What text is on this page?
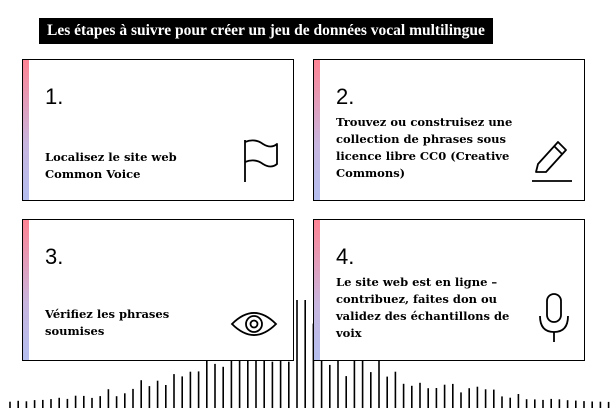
Les étapes à suivre pour créer un jeu de données vocal multilingue
1.
Localisez le site web Common Voice
2.
Trouvez ou construisez une collection de phrases sous licence libre CC0 (Creative Commons)
3.
Vérifiez les phrases soumises
4.
Le site web est en ligne – contribuez, faites don ou validez des échantillons de voix
